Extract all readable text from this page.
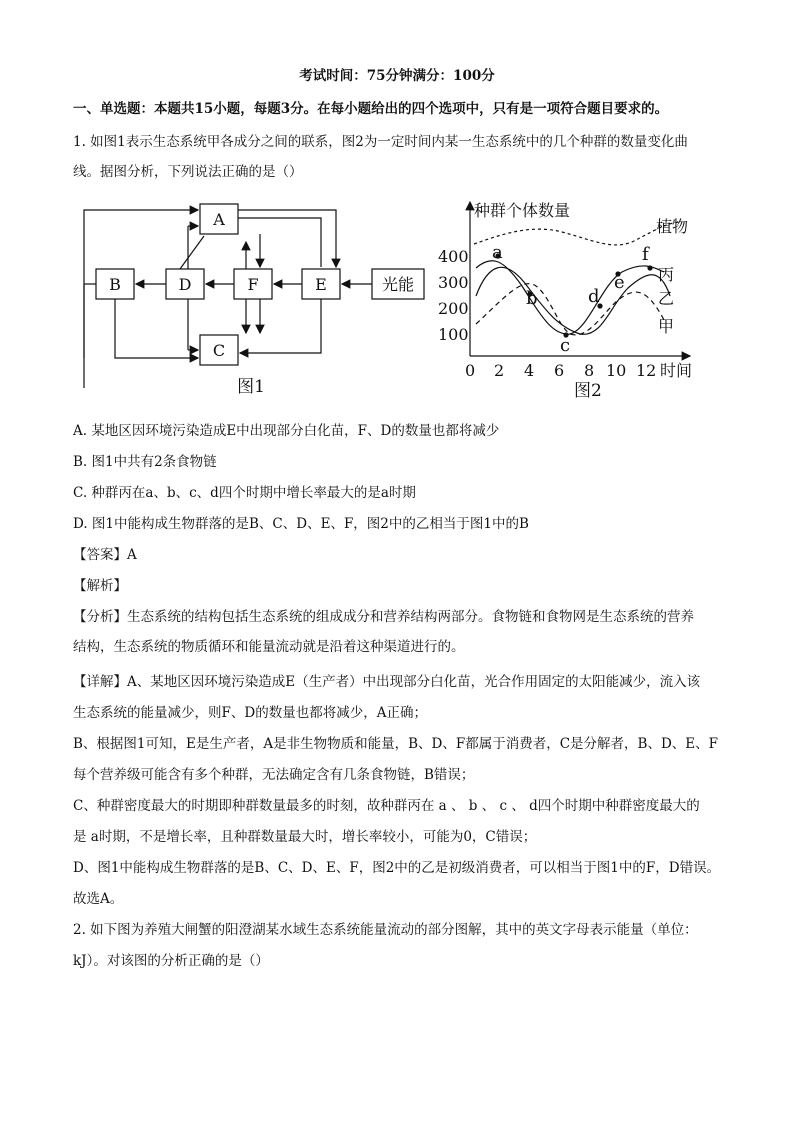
考试时间：75分钟满分：100分
一、单选题：本题共15小题，每题3分。在每小题给出的四个选项中，只有是一项符合题目要求的。
1. 如图1表示生态系统甲各成分之间的联系，图2为一定时间内某一生态系统中的几个种群的数量变化曲
线。据图分析，下列说法正确的是（）
A
B	D	F	E	光能
C
图1
种群个体数量
400
300
200
100
0 2 4 6 8 10 12 时间
a
b
c
d
e
f
植物
丙
乙
甲
图2
A. 某地区因环境污染造成E中出现部分白化苗，F、D的数量也都将减少
B. 图1中共有2条食物链
C. 种群丙在a、b、c、d四个时期中增长率最大的是a时期
D. 图1中能构成生物群落的是B、C、D、E、F，图2中的乙相当于图1中的B
【答案】A
【解析】
【分析】生态系统的结构包括生态系统的组成成分和营养结构两部分。食物链和食物网是生态系统的营养
结构，生态系统的物质循环和能量流动就是沿着这种渠道进行的。
【详解】A、某地区因环境污染造成E（生产者）中出现部分白化苗，光合作用固定的太阳能减少，流入该
生态系统的能量减少，则F、D的数量也都将减少，A正确；
B、根据图1可知，E是生产者，A是非生物物质和能量，B、D、F都属于消费者，C是分解者，B、D、E、F
每个营养级可能含有多个种群，无法确定含有几条食物链，B错误；
C、种群密度最大的时期即种群数量最多的时刻，故种群丙在 a 、 b 、 c 、 d四个时期中种群密度最大的
是 a时期，不是增长率，且种群数量最大时，增长率较小，可能为0，C错误；
D、图1中能构成生物群落的是B、C、D、E、F，图2中的乙是初级消费者，可以相当于图1中的F，D错误。
故选A。
2. 如下图为养殖大闸蟹的阳澄湖某水域生态系统能量流动的部分图解，其中的英文字母表示能量（单位：
kJ）。对该图的分析正确的是（）
